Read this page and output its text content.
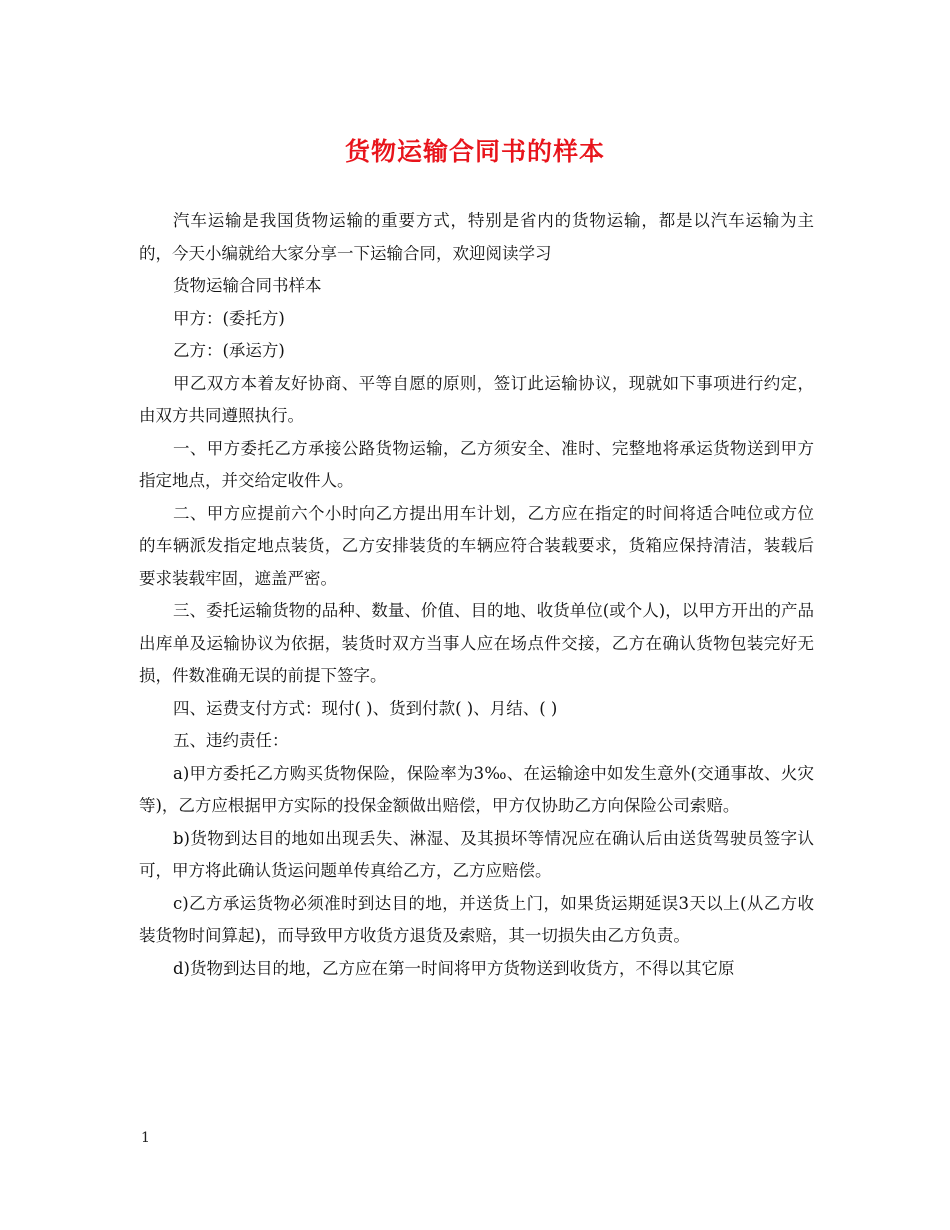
货物运输合同书的样本

汽车运输是我国货物运输的重要方式，特别是省内的货物运输，都是以汽车运输为主的，今天小编就给大家分享一下运输合同，欢迎阅读学习

货物运输合同书样本

甲方：(委托方)

乙方：(承运方)

甲乙双方本着友好协商、平等自愿的原则，签订此运输协议，现就如下事项进行约定，由双方共同遵照执行。

一、甲方委托乙方承接公路货物运输，乙方须安全、准时、完整地将承运货物送到甲方指定地点，并交给定收件人。

二、甲方应提前六个小时向乙方提出用车计划，乙方应在指定的时间将适合吨位或方位的车辆派发指定地点装货，乙方安排装货的车辆应符合装载要求，货箱应保持清洁，装载后要求装载牢固，遮盖严密。

三、委托运输货物的品种、数量、价值、目的地、收货单位(或个人)，以甲方开出的产品出库单及运输协议为依据，装货时双方当事人应在场点件交接，乙方在确认货物包装完好无损，件数准确无误的前提下签字。

四、运费支付方式：现付( )、货到付款( )、月结、( )

五、违约责任：

a)甲方委托乙方购买货物保险，保险率为3‰、在运输途中如发生意外(交通事故、火灾等)，乙方应根据甲方实际的投保金额做出赔偿，甲方仅协助乙方向保险公司索赔。

b)货物到达目的地如出现丢失、淋湿、及其损坏等情况应在确认后由送货驾驶员签字认可，甲方将此确认货运问题单传真给乙方，乙方应赔偿。

c)乙方承运货物必须准时到达目的地，并送货上门，如果货运期延误3天以上(从乙方收装货物时间算起)，而导致甲方收货方退货及索赔，其一切损失由乙方负责。

d)货物到达目的地，乙方应在第一时间将甲方货物送到收货方，不得以其它原

1
